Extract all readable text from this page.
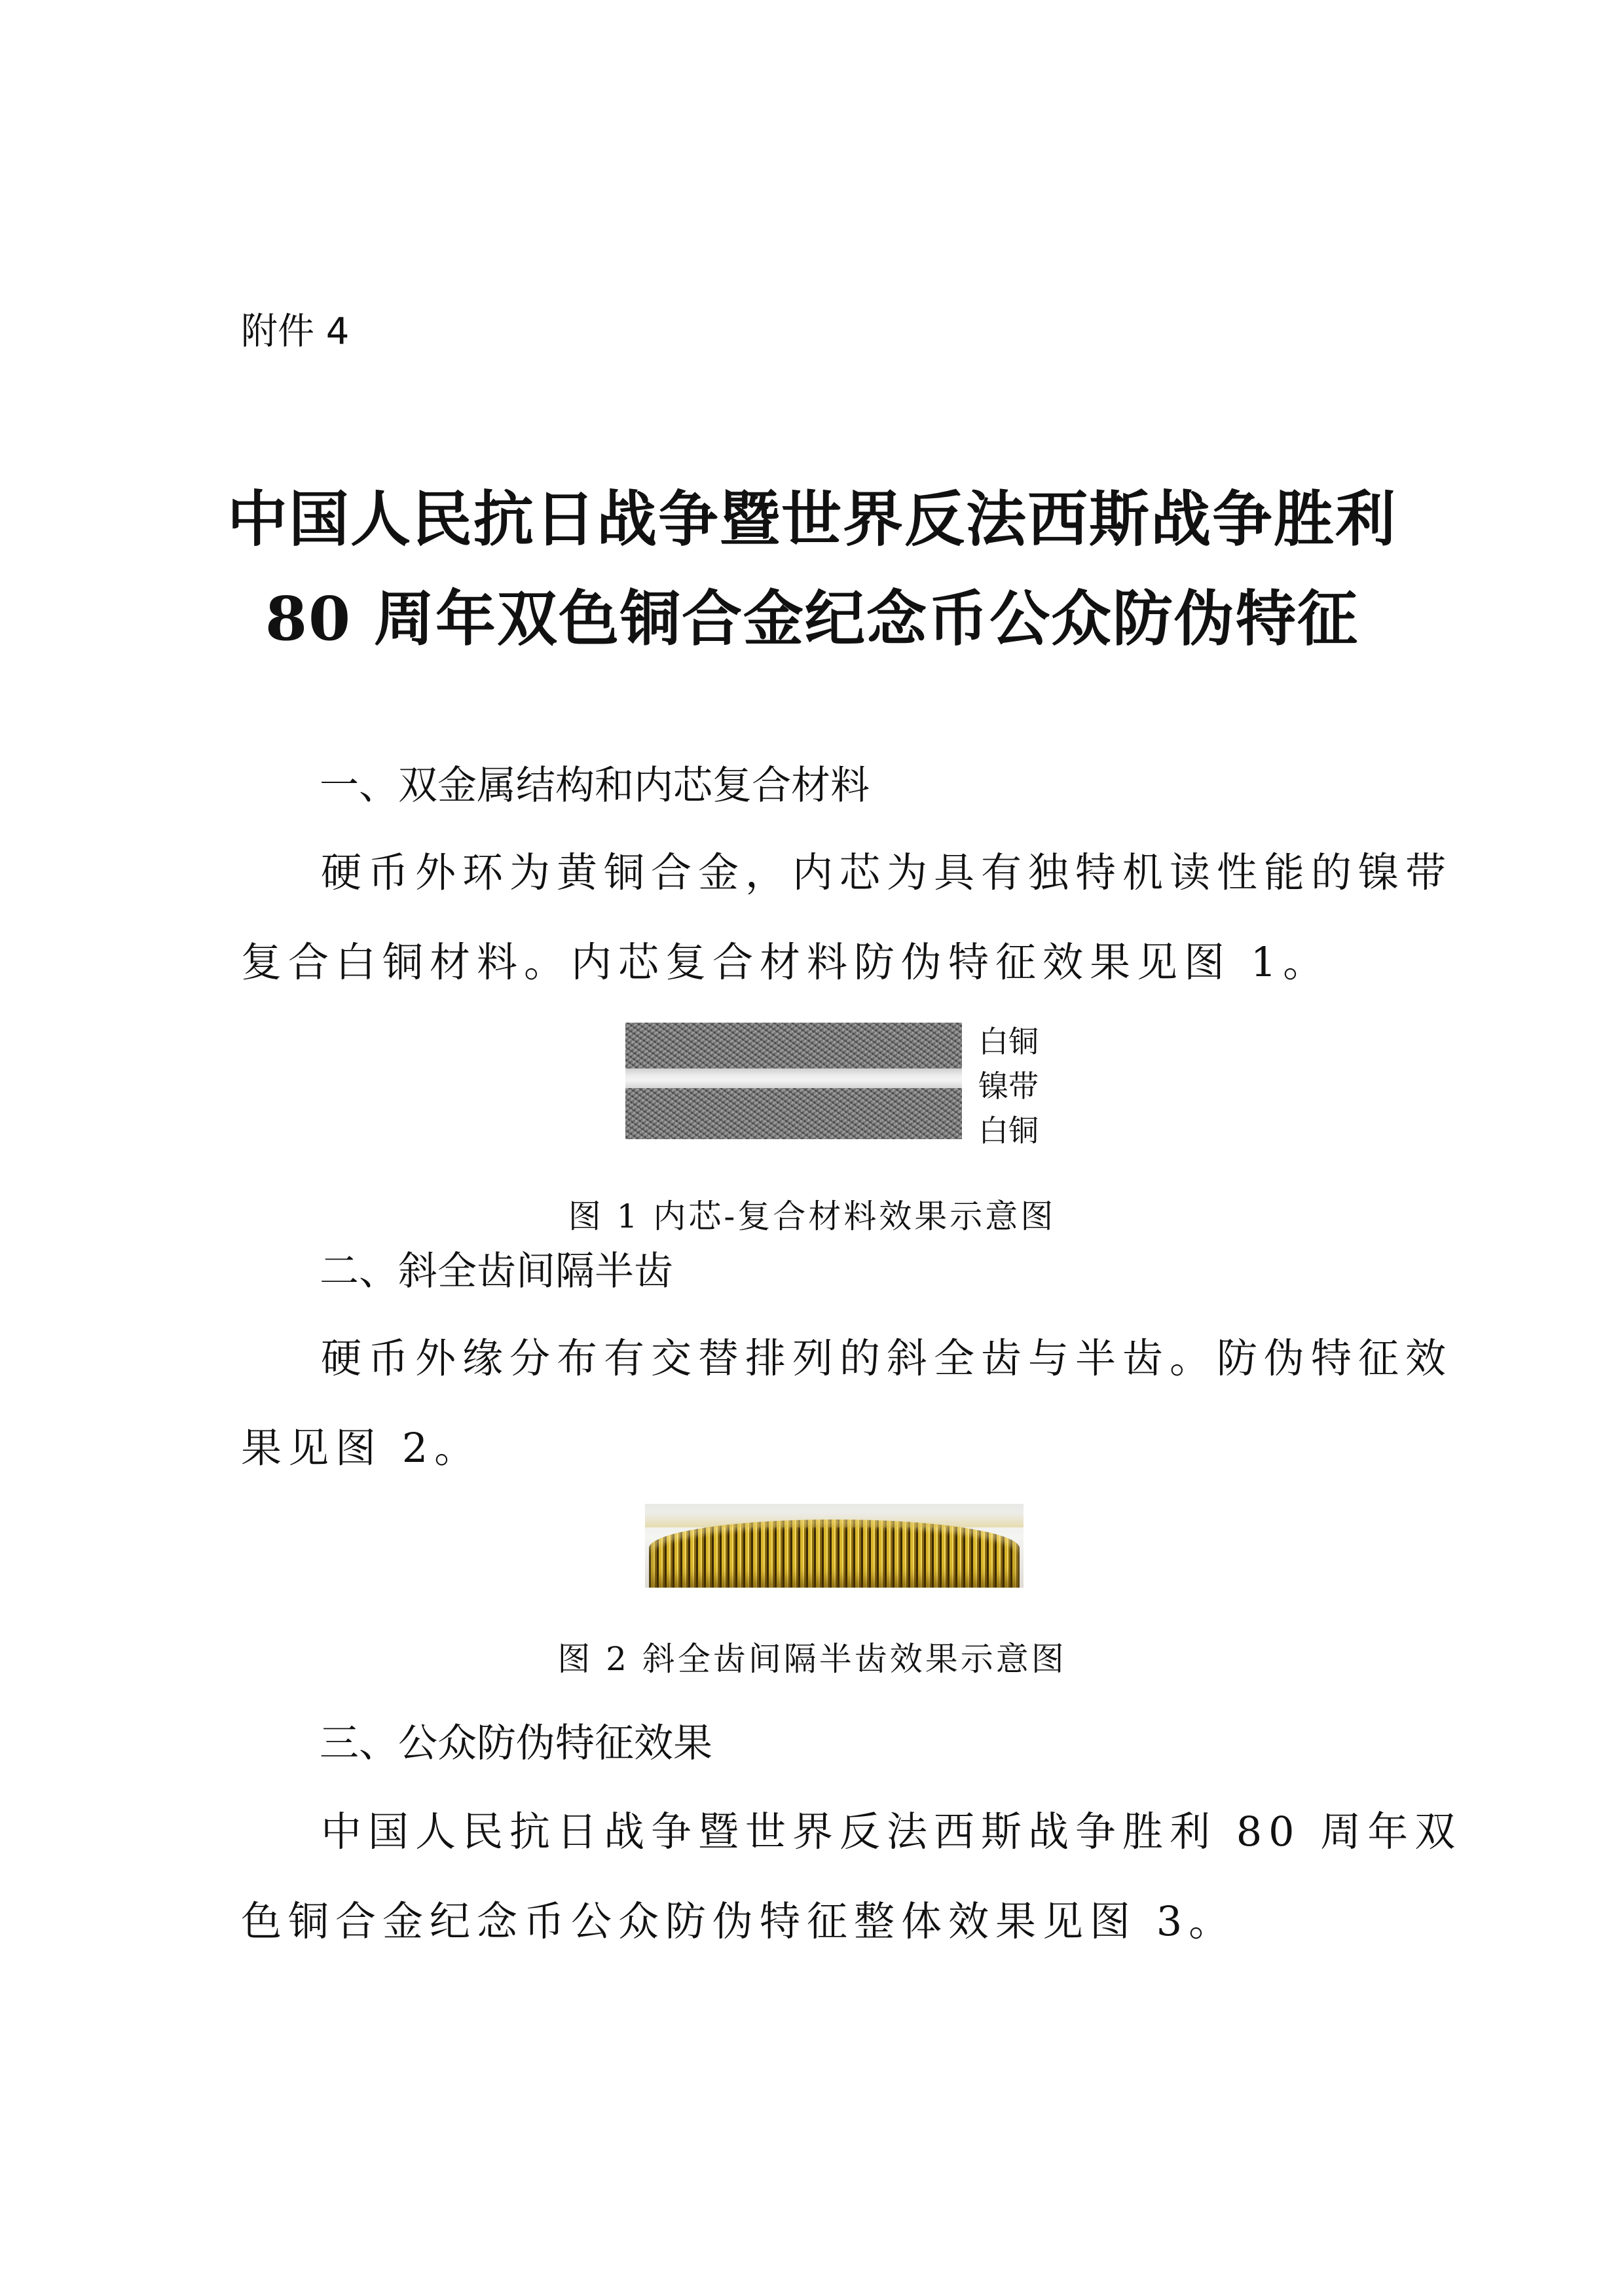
附件 4
中国人民抗日战争暨世界反法西斯战争胜利
80 周年双色铜合金纪念币公众防伪特征
一、双金属结构和内芯复合材料
硬币外环为黄铜合金，内芯为具有独特机读性能的镍带
复合白铜材料。内芯复合材料防伪特征效果见图 1。
白铜
镍带
白铜
图 1 内芯-复合材料效果示意图
二、斜全齿间隔半齿
硬币外缘分布有交替排列的斜全齿与半齿。防伪特征效
果见图 2。
图 2 斜全齿间隔半齿效果示意图
三、公众防伪特征效果
中国人民抗日战争暨世界反法西斯战争胜利 80 周年双
色铜合金纪念币公众防伪特征整体效果见图 3。
